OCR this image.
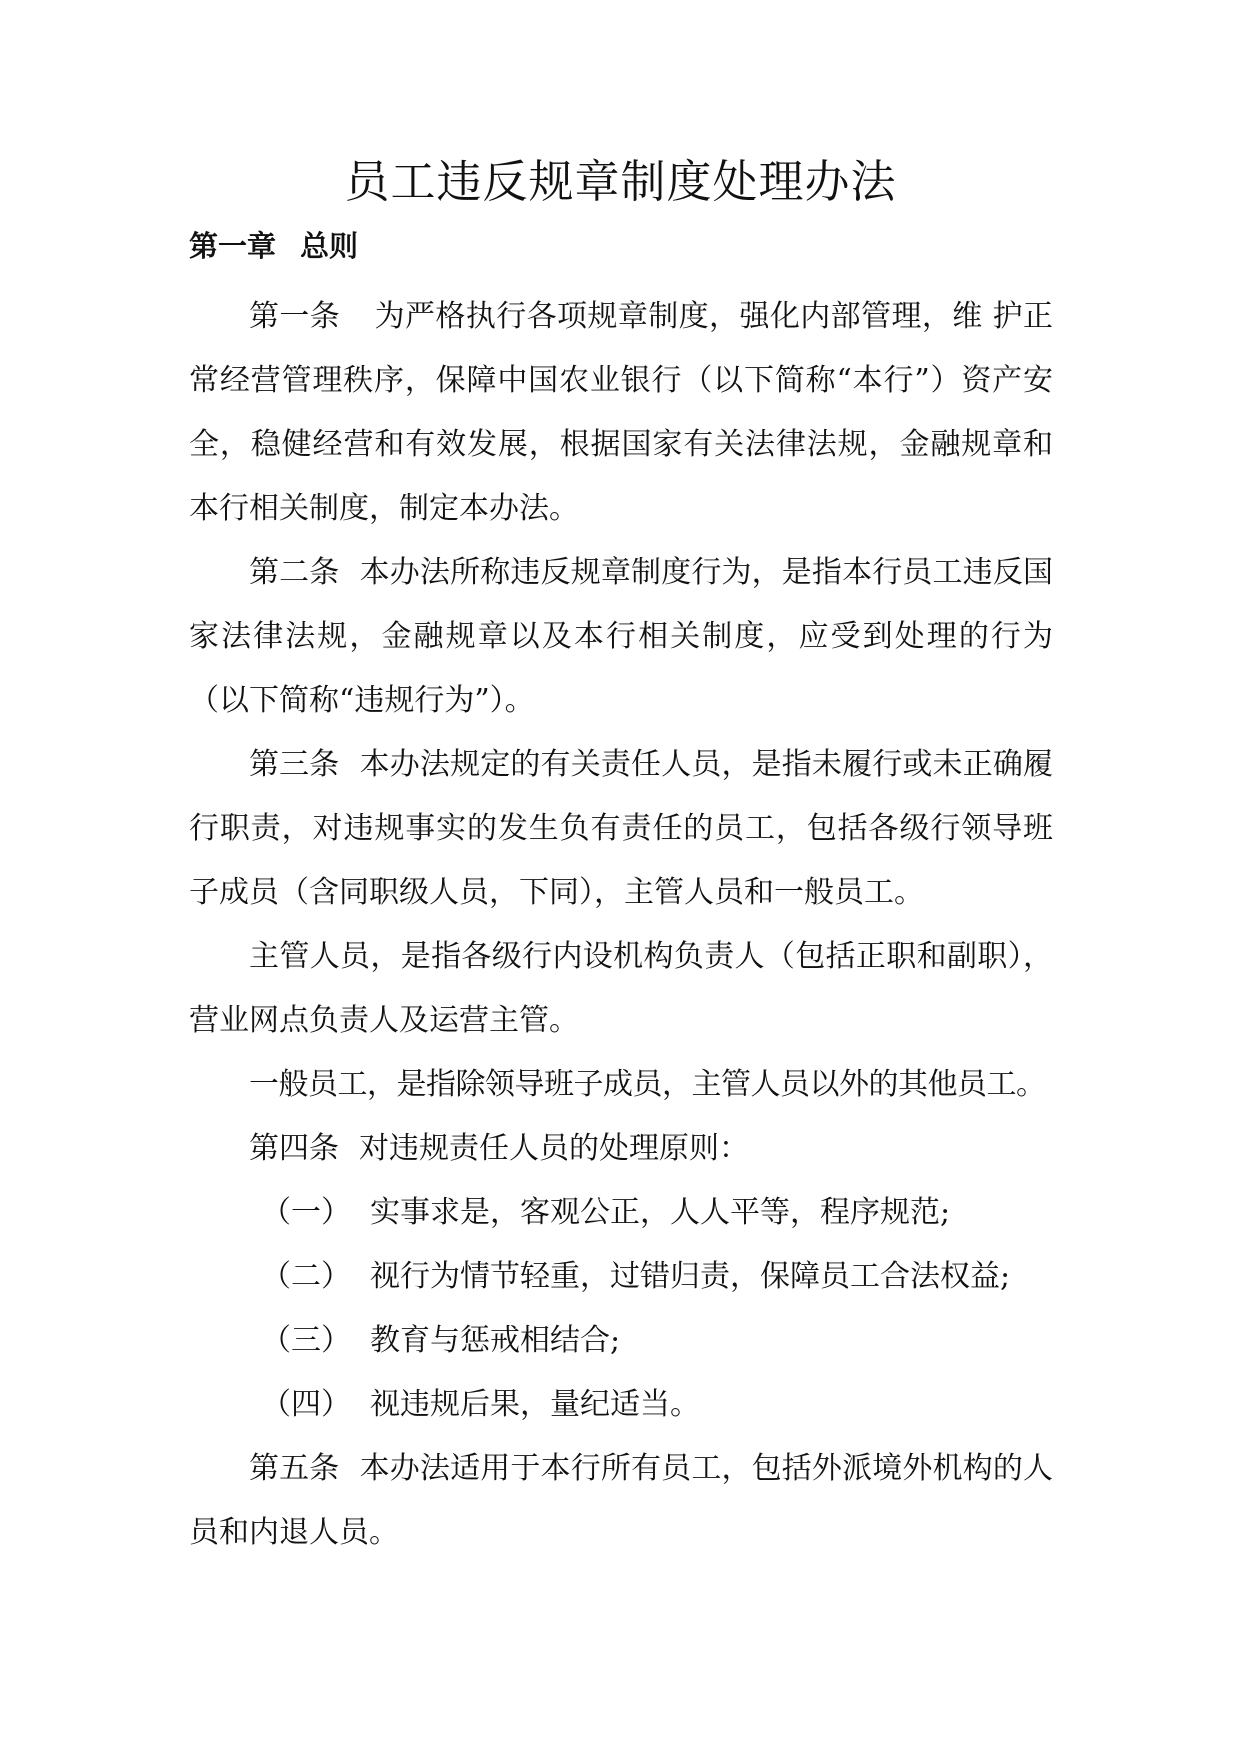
员工违反规章制度处理办法
第一章 总则

第一条 为严格执行各项规章制度，强化内部管理，维 护正常经营管理秩序，保障中国农业银行（以下简称“本行”）资产安全，稳健经营和有效发展，根据国家有关法律法规，金融规章和本行相关制度，制定本办法。

第二条 本办法所称违反规章制度行为，是指本行员工违反国家法律法规，金融规章以及本行相关制度，应受到处理的行为（以下简称“违规行为”）。

第三条 本办法规定的有关责任人员，是指未履行或未正确履行职责，对违规事实的发生负有责任的员工，包括各级行领导班子成员（含同职级人员，下同），主管人员和一般员工。

主管人员，是指各级行内设机构负责人（包括正职和副职），营业网点负责人及运营主管。

一般员工，是指除领导班子成员，主管人员以外的其他员工。

第四条 对违规责任人员的处理原则：

（一） 实事求是，客观公正，人人平等，程序规范;

（二） 视行为情节轻重，过错归责，保障员工合法权益;

（三） 教育与惩戒相结合;

（四） 视违规后果，量纪适当。

第五条 本办法适用于本行所有员工，包括外派境外机构的人员和内退人员。
